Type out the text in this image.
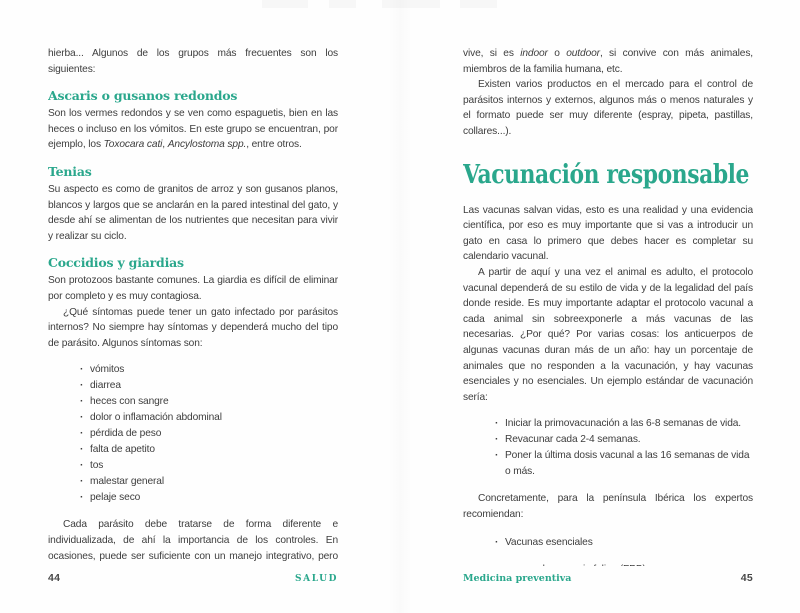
hierba... Algunos de los grupos más frecuentes son los siguientes:

Ascaris o gusanos redondos

Son los vermes redondos y se ven como espaguetis, bien en las heces o incluso en los vómitos. En este grupo se encuentran, por ejemplo, los Toxocara cati, Ancylostoma spp., entre otros.

Tenias

Su aspecto es como de granitos de arroz y son gusanos planos, blancos y largos que se anclarán en la pared intestinal del gato, y desde ahí se alimentan de los nutrientes que necesitan para vivir y realizar su ciclo.

Coccidios y giardias

Son protozoos bastante comunes. La giardia es difícil de eliminar por completo y es muy contagiosa.

¿Qué síntomas puede tener un gato infectado por parásitos internos? No siempre hay síntomas y dependerá mucho del tipo de parásito. Algunos síntomas son:

· vómitos
· diarrea
· heces con sangre
· dolor o inflamación abdominal
· pérdida de peso
· falta de apetito
· tos
· malestar general
· pelaje seco

Cada parásito debe tratarse de forma diferente e individualizada, de ahí la importancia de los controles. En ocasiones, puede ser suficiente con un manejo integrativo, pero

44	SALUD

vive, si es indoor o outdoor, si convive con más animales, miembros de la familia humana, etc.

Existen varios productos en el mercado para el control de parásitos internos y externos, algunos más o menos naturales y el formato puede ser muy diferente (espray, pipeta, pastillas, collares...).

Vacunación responsable

Las vacunas salvan vidas, esto es una realidad y una evidencia científica, por eso es muy importante que si vas a introducir un gato en casa lo primero que debes hacer es completar su calendario vacunal.

A partir de aquí y una vez el animal es adulto, el protocolo vacunal dependerá de su estilo de vida y de la legalidad del país donde reside. Es muy importante adaptar el protocolo vacunal a cada animal sin sobreexponerle a más vacunas de las necesarias. ¿Por qué? Por varias cosas: los anticuerpos de algunas vacunas duran más de un año: hay un porcentaje de animales que no responden a la vacunación, y hay vacunas esenciales y no esenciales. Un ejemplo estándar de vacunación sería:

· Iniciar la primovacunación a las 6-8 semanas de vida.
· Revacunar cada 2-4 semanas.
· Poner la última dosis vacunal a las 16 semanas de vida o más.

Concretamente, para la península Ibérica los expertos recomiendan:

· Vacunas esenciales
-
Medicina preventiva	45
